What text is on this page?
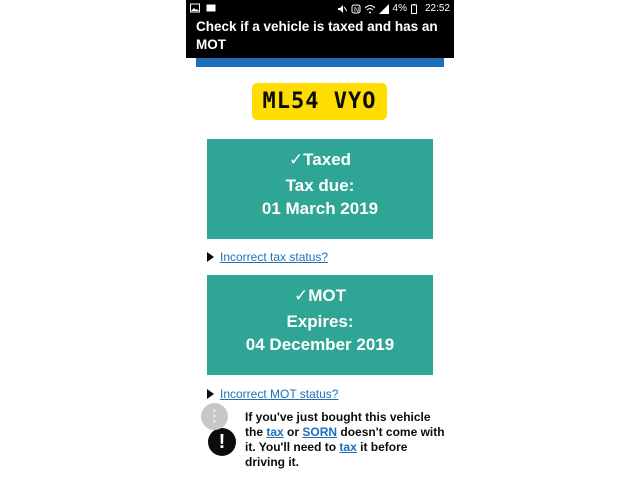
N	4% 22:52
Check if a vehicle is taxed and has an MOT
ML54 VYO
✓Taxed
Tax due:
01 March 2019
Incorrect tax status?
✓MOT
Expires:
04 December 2019
Incorrect MOT status?
!
⋮	If you've just bought this vehicle the tax or SORN doesn't come with it. You'll need to tax it before driving it.
